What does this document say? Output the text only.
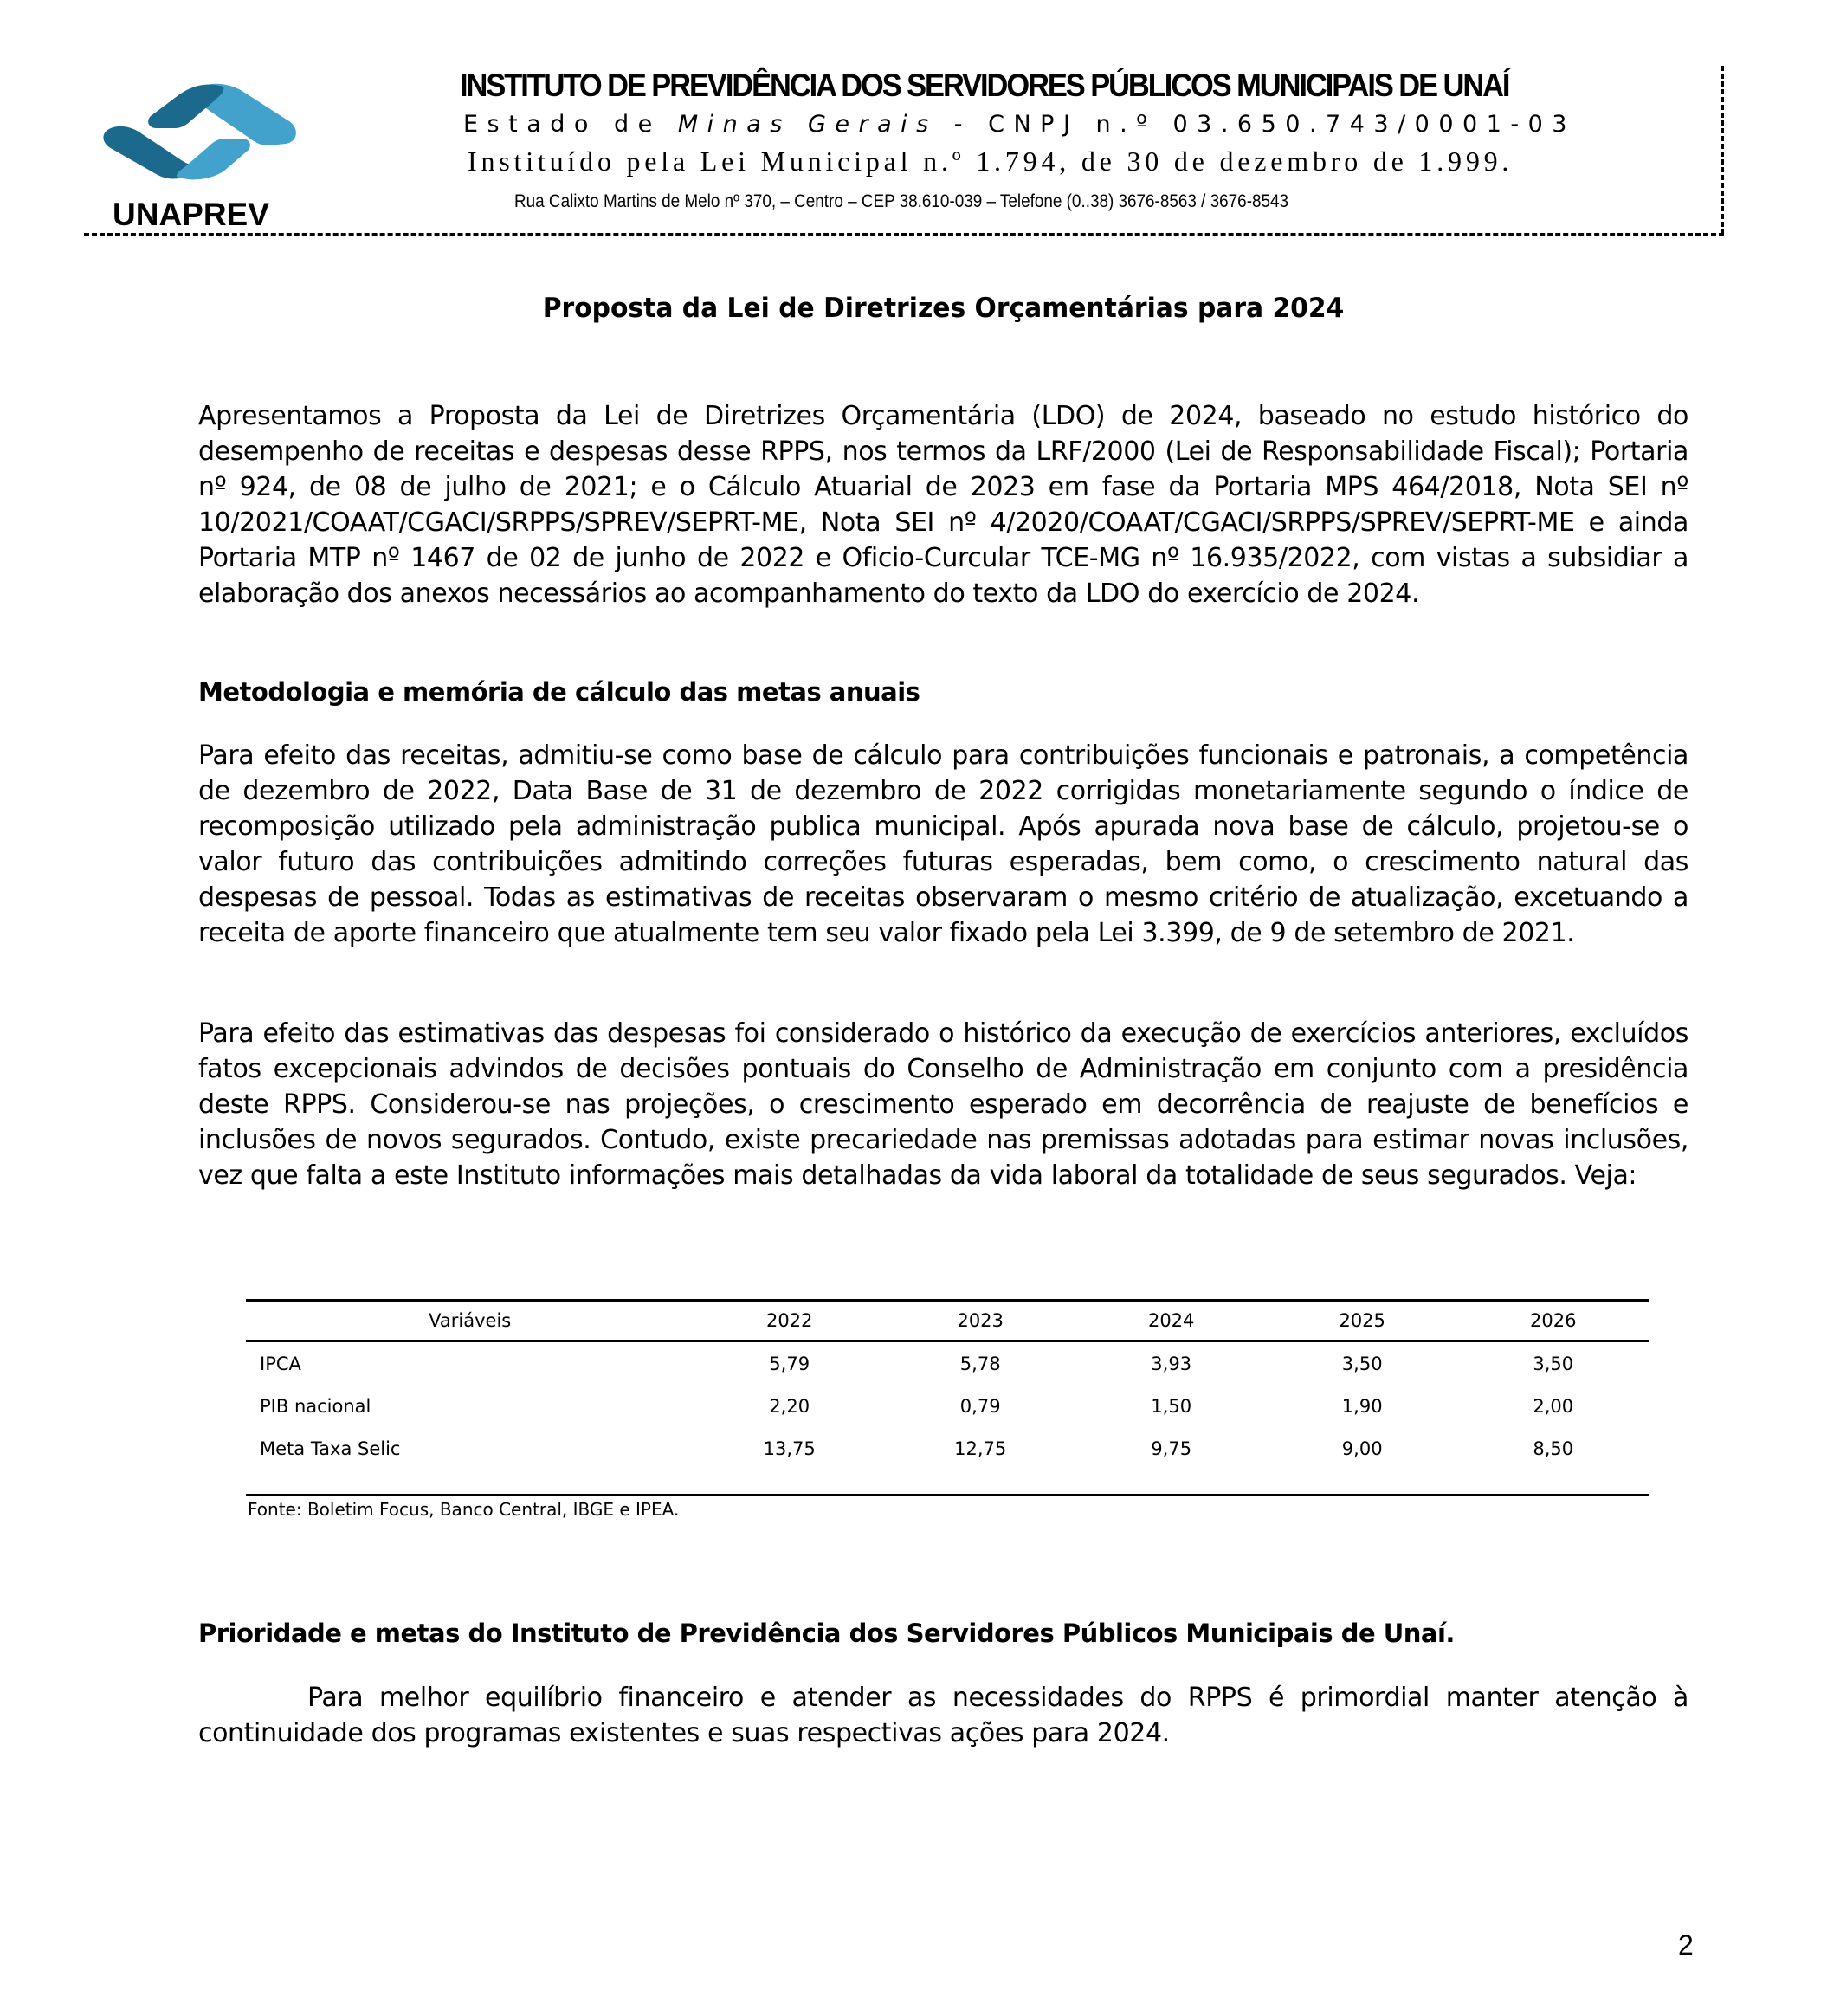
UNAPREV
INSTITUTO DE PREVIDÊNCIA DOS SERVIDORES PÚBLICOS MUNICIPAIS DE UNAÍ
Estado de Minas Gerais - CNPJ n.º 03.650.743/0001-03
Instituído pela Lei Municipal n.º 1.794, de 30 de dezembro de 1.999.
Rua Calixto Martins de Melo nº 370, – Centro – CEP 38.610-039 – Telefone (0..38) 3676-8563 / 3676-8543
Proposta da Lei de Diretrizes Orçamentárias para 2024
Apresentamos a Proposta da Lei de Diretrizes Orçamentária (LDO) de 2024, baseado no estudo histórico do desempenho de receitas e despesas desse RPPS, nos termos da LRF/2000 (Lei de Responsabilidade Fiscal); Portaria nº 924, de 08 de julho de 2021; e o Cálculo Atuarial de 2023 em fase da Portaria MPS 464/2018, Nota SEI nº 10/2021/COAAT/CGACI/SRPPS/SPREV/SEPRT-ME, Nota SEI nº 4/2020/COAAT/CGACI/SRPPS/SPREV/SEPRT-ME e ainda Portaria MTP nº 1467 de 02 de junho de 2022 e Oficio-Curcular TCE-MG nº 16.935/2022, com vistas a subsidiar a elaboração dos anexos necessários ao acompanhamento do texto da LDO do exercício de 2024.
Metodologia e memória de cálculo das metas anuais
Para efeito das receitas, admitiu-se como base de cálculo para contribuições funcionais e patronais, a competência de dezembro de 2022, Data Base de 31 de dezembro de 2022 corrigidas monetariamente segundo o índice de recomposição utilizado pela administração publica municipal. Após apurada nova base de cálculo, projetou-se o valor futuro das contribuições admitindo correções futuras esperadas, bem como, o crescimento natural das despesas de pessoal. Todas as estimativas de receitas observaram o mesmo critério de atualização, excetuando a receita de aporte financeiro que atualmente tem seu valor fixado pela Lei 3.399, de 9 de setembro de 2021.
Para efeito das estimativas das despesas foi considerado o histórico da execução de exercícios anteriores, excluídos fatos excepcionais advindos de decisões pontuais do Conselho de Administração em conjunto com a presidência deste RPPS. Considerou-se nas projeções, o crescimento esperado em decorrência de reajuste de benefícios e inclusões de novos segurados. Contudo, existe precariedade nas premissas adotadas para estimar novas inclusões, vez que falta a este Instituto informações mais detalhadas da vida laboral da totalidade de seus segurados. Veja:
Variáveis	2022	2023	2024	2025	2026
IPCA	5,79	5,78	3,93	3,50	3,50
PIB nacional	2,20	0,79	1,50	1,90	2,00
Meta Taxa Selic	13,75	12,75	9,75	9,00	8,50
Fonte: Boletim Focus, Banco Central, IBGE e IPEA.
Prioridade e metas do Instituto de Previdência dos Servidores Públicos Municipais de Unaí.
Para melhor equilíbrio financeiro e atender as necessidades do RPPS é primordial manter atenção à continuidade dos programas existentes e suas respectivas ações para 2024.
2
